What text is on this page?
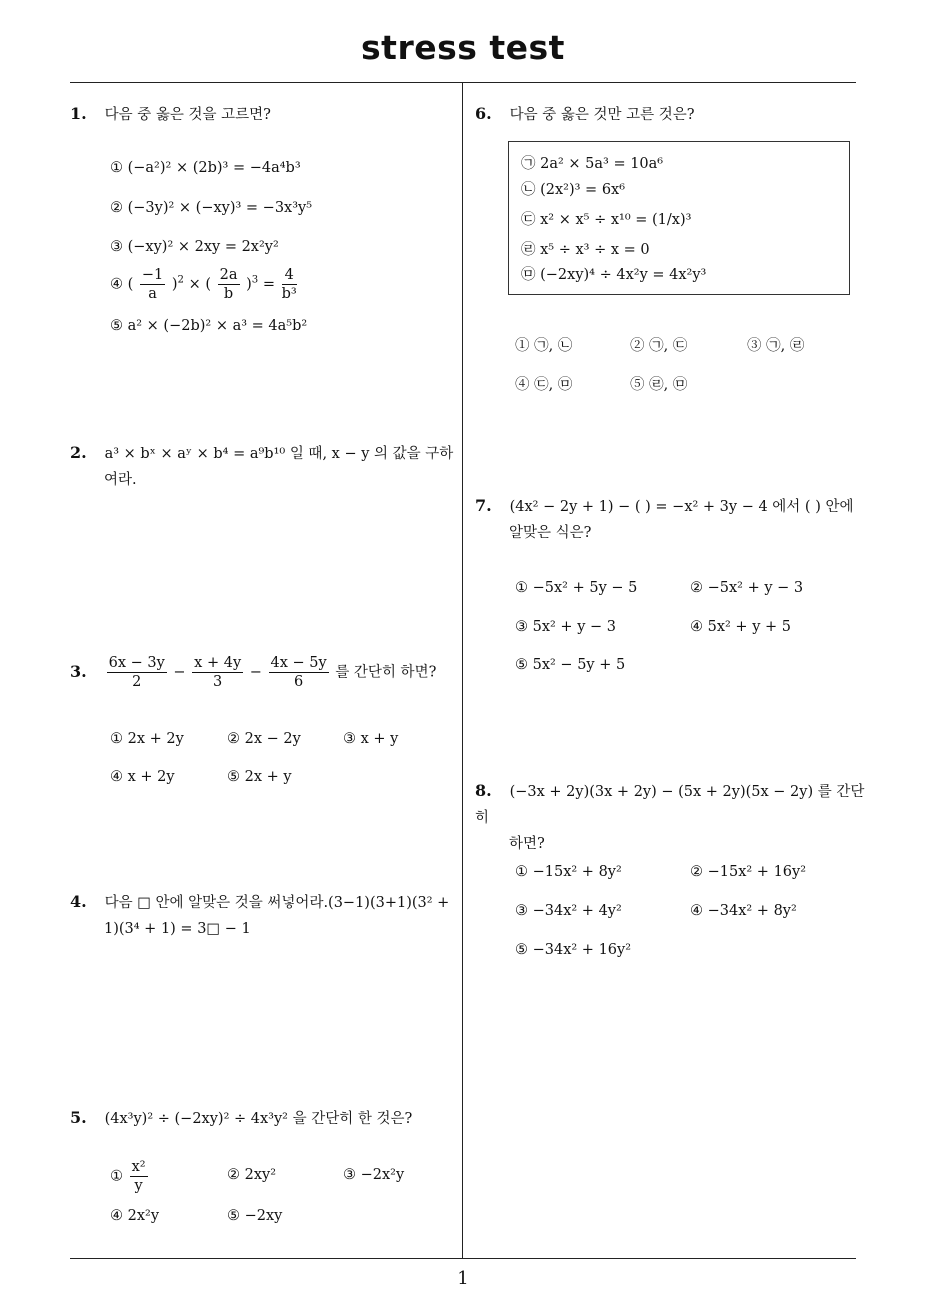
stress test
1. 다음 중 옳은 것을 고르면?
① (−a²)² × (2b)³ = −4a⁴b³
② (−3y)² × (−xy)³ = −3x³y⁵
③ (−xy)² × 2xy = 2x²y²
④ ( $\frac{-1}{a} )^2$ × ( $\frac{2a}{b} )^3 = \frac{4}{\text{b³}}$
⑤ a² × (−2b)² × a³ = 4a⁵b²
2. a³ × bˣ × aʸ × b⁴ = a⁹b¹⁰ 일 때, x − y 의 값을 구하
여라.
3. $\frac{6x - 3y}{2} - \frac{x + 4y}{3} - \frac{4x - 5y}{6}$ 를 간단히 하면?
① 2x + 2y	② 2x − 2y	③ x + y
④ x + 2y	⑤ 2x + y
4. 다음 □ 안에 알맞은 것을 써넣어라.(3−1)(3+1)(3² +
1)(3⁴ + 1) = 3□ − 1
5. (4x³y)² ÷ (−2xy)² ÷ 4x³y² 을 간단히 한 것은?
① $\frac{\text{x²}}{y}$	② 2xy²	③ −2x²y
④ 2x²y	⑤ −2xy
6. 다음 중 옳은 것만 고른 것은?
㉠ 2a² × 5a³ = 10a⁶
㉡ (2x²)³ = 6x⁶
㉢ x² × x⁵ ÷ x¹⁰ = (1/x)³
㉣ x⁵ ÷ x³ ÷ x = 0
㉤ (−2xy)⁴ ÷ 4x²y = 4x²y³
① ㉠, ㉡	② ㉠, ㉢	③ ㉠, ㉣
④ ㉢, ㉤	⑤ ㉣, ㉤
7. (4x² − 2y + 1) − ( ) = −x² + 3y − 4 에서 ( ) 안에
알맞은 식은?
① −5x² + 5y − 5	② −5x² + y − 3
③ 5x² + y − 3	④ 5x² + y + 5
⑤ 5x² − 5y + 5
8. (−3x + 2y)(3x + 2y) − (5x + 2y)(5x − 2y) 를 간단히
하면?
① −15x² + 8y²	② −15x² + 16y²
③ −34x² + 4y²	④ −34x² + 8y²
⑤ −34x² + 16y²
1
